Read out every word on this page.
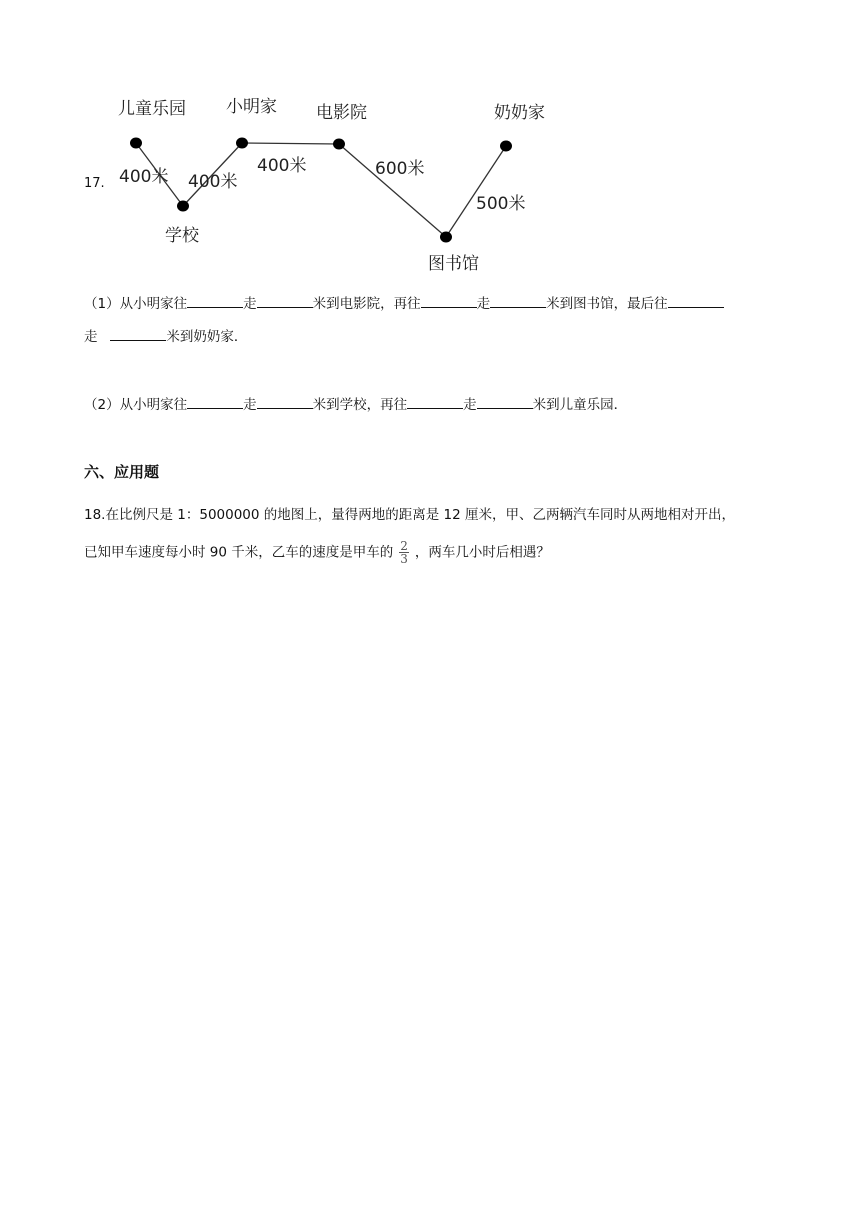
17.
儿童乐园 小明家 电影院	奶奶家
学校
图书馆
400米 400米
400米	600米
500米
（1）从小明家往	走	米到电影院，再往	走	米到图书馆，最后往
走	米到奶奶家．
（2）从小明家往	走	米到学校，再往	走	米到儿童乐园．
六、应用题
18.在比例尺是 1：5000000 的地图上，量得两地的距离是 12 厘米，甲、乙两辆汽车同时从两地相对开出，
已知甲车速度每小时 90 千米，乙车的速度是甲车的 $\frac{2}{3}$ ，两车几小时后相遇？
